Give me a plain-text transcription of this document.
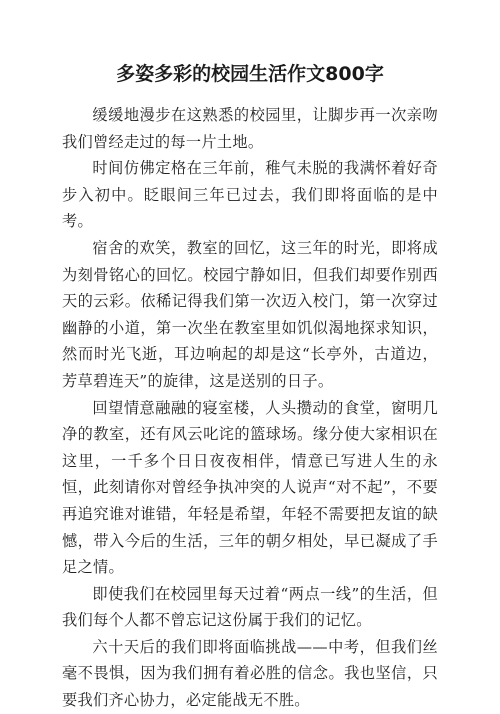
多姿多彩的校园生活作文800字

缓缓地漫步在这熟悉的校园里，让脚步再一次亲吻我们曾经走过的每一片土地。

时间仿佛定格在三年前，稚气未脱的我满怀着好奇步入初中。眨眼间三年已过去，我们即将面临的是中考。

宿舍的欢笑，教室的回忆，这三年的时光，即将成为刻骨铭心的回忆。校园宁静如旧，但我们却要作别西天的云彩。依稀记得我们第一次迈入校门，第一次穿过幽静的小道，第一次坐在教室里如饥似渴地探求知识，然而时光飞逝，耳边响起的却是这“长亭外，古道边，芳草碧连天”的旋律，这是送别的日子。

回望情意融融的寝室楼，人头攒动的食堂，窗明几净的教室，还有风云叱诧的篮球场。缘分使大家相识在这里，一千多个日日夜夜相伴，情意已写进人生的永恒，此刻请你对曾经争执冲突的人说声“对不起”，不要再追究谁对谁错，年轻是希望，年轻不需要把友谊的缺憾，带入今后的生活，三年的朝夕相处，早已凝成了手足之情。

即使我们在校园里每天过着“两点一线”的生活，但我们每个人都不曾忘记这份属于我们的记忆。

六十天后的我们即将面临挑战——中考，但我们丝毫不畏惧，因为我们拥有着必胜的信念。我也坚信，只要我们齐心协力，必定能战无不胜。
